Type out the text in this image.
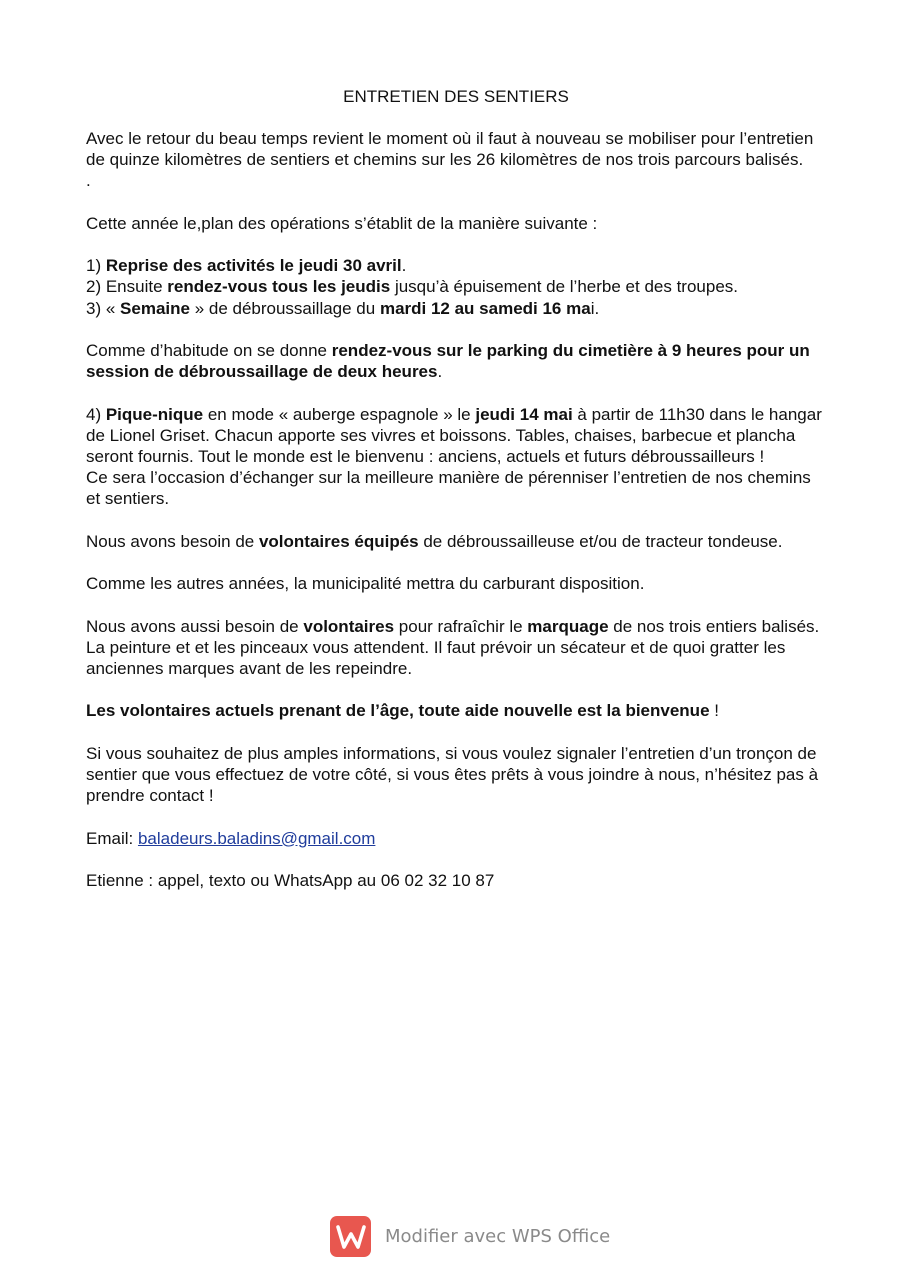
ENTRETIEN DES SENTIERS

Avec le retour du beau temps revient le moment où il faut à nouveau se mobiliser pour l’entretien de quinze kilomètres de sentiers et chemins sur les 26 kilomètres de nos trois parcours balisés.

.

Cette année le,plan des opérations s’établit de la manière suivante :

1) Reprise des activités le jeudi 30 avril.
2) Ensuite rendez-vous tous les jeudis jusqu’à épuisement de l’herbe et des troupes.
3) « Semaine » de débroussaillage du mardi 12 au samedi 16 mai.

Comme d’habitude on se donne rendez-vous sur le parking du cimetière à 9 heures pour un session de débroussaillage de deux heures.

4) Pique-nique en mode « auberge espagnole » le jeudi 14 mai à partir de 11h30 dans le hangar de Lionel Griset. Chacun apporte ses vivres et boissons. Tables, chaises, barbecue et plancha seront fournis. Tout le monde est le bienvenu : anciens, actuels et futurs débroussailleurs !
Ce sera l’occasion d’échanger sur la meilleure manière de pérenniser l’entretien de nos chemins et sentiers.

Nous avons besoin de volontaires équipés de débroussailleuse et/ou de tracteur tondeuse.

Comme les autres années, la municipalité mettra du carburant disposition.

Nous avons aussi besoin de volontaires pour rafraîchir le marquage de nos trois entiers balisés. La peinture et et les pinceaux vous attendent. Il faut prévoir un sécateur et de quoi gratter les anciennes marques avant de les repeindre.

Les volontaires actuels prenant de l’âge, toute aide nouvelle est la bienvenue !

Si vous souhaitez de plus amples informations, si vous voulez signaler l’entretien d’un tronçon de sentier que vous effectuez de votre côté, si vous êtes prêts à vous joindre à nous, n’hésitez pas à prendre contact !

Email: baladeurs.baladins@gmail.com

Etienne : appel, texto ou WhatsApp au 06 02 32 10 87

Modifier avec WPS Office
